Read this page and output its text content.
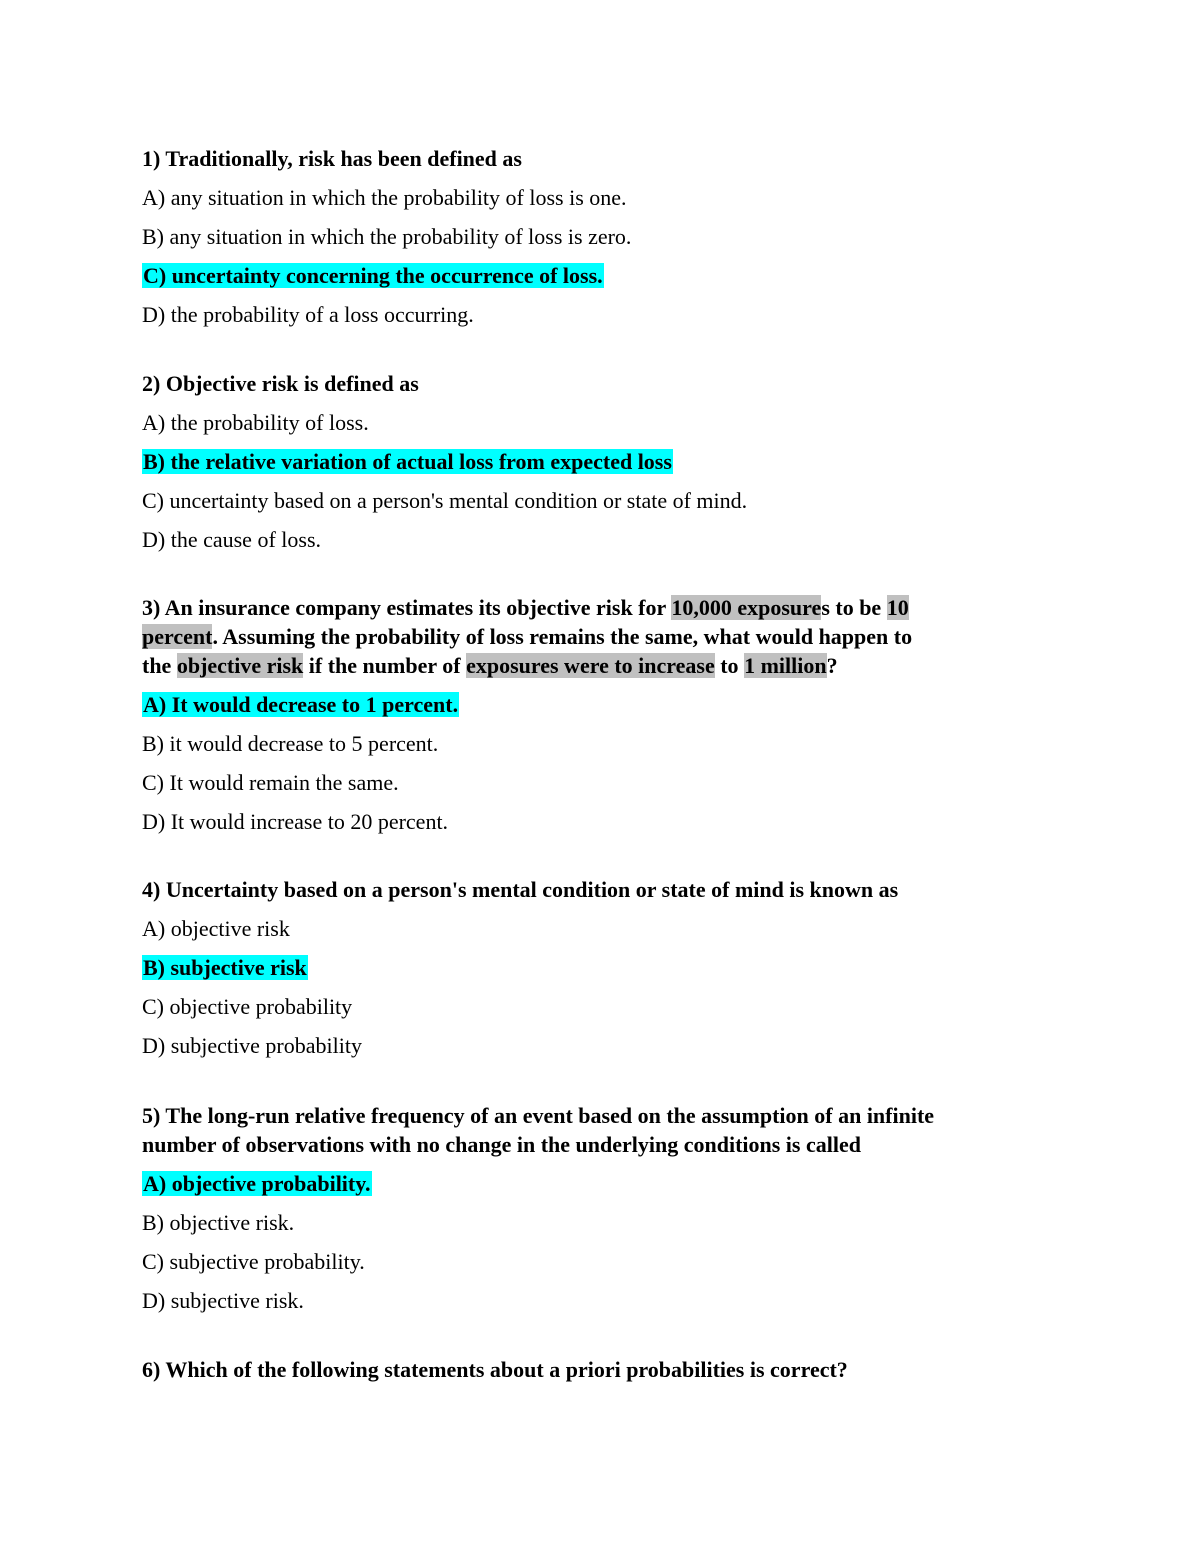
1) Traditionally, risk has been defined as

A) any situation in which the probability of loss is one.

B) any situation in which the probability of loss is zero.

C) uncertainty concerning the occurrence of loss.

D) the probability of a loss occurring.

2) Objective risk is defined as

A) the probability of loss.

B) the relative variation of actual loss from expected loss

C) uncertainty based on a person's mental condition or state of mind.

D) the cause of loss.

3) An insurance company estimates its objective risk for 10,000 exposures to be 10
percent. Assuming the probability of loss remains the same, what would happen to
the objective risk if the number of exposures were to increase to 1 million?

A) It would decrease to 1 percent.

B) it would decrease to 5 percent.

C) It would remain the same.

D) It would increase to 20 percent.

4) Uncertainty based on a person's mental condition or state of mind is known as

A) objective risk

B) subjective risk

C) objective probability

D) subjective probability

5) The long-run relative frequency of an event based on the assumption of an infinite
number of observations with no change in the underlying conditions is called

A) objective probability.

B) objective risk.

C) subjective probability.

D) subjective risk.

6) Which of the following statements about a priori probabilities is correct?
